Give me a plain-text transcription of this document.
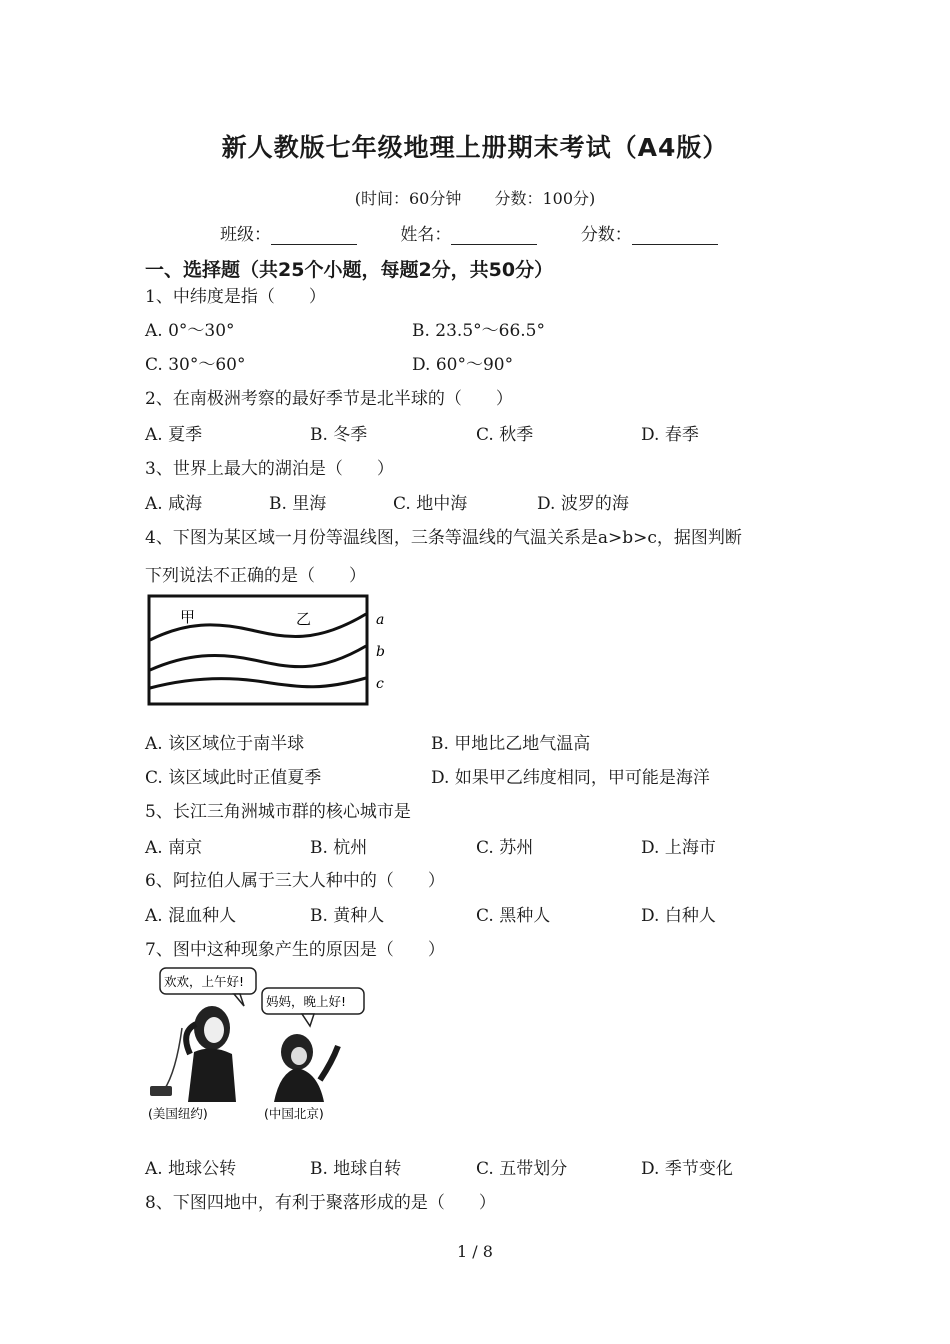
新人教版七年级地理上册期末考试（A4版）
(时间：60分钟 分数：100分)
班级：	姓名：	分数：
一、选择题（共25个小题，每题2分，共50分）
1、中纬度是指（　　）
A. 0°～30°	B. 23.5°～66.5°
C. 30°～60°	D. 60°～90°
2、在南极洲考察的最好季节是北半球的（　　）
A. 夏季	B. 冬季	C. 秋季	D. 春季
3、世界上最大的湖泊是（　　）
A. 咸海	B. 里海	C. 地中海	D. 波罗的海
4、下图为某区域一月份等温线图，三条等温线的气温关系是a>b>c，据图判断
下列说法不正确的是（　　）
甲	乙	a
b
c
A. 该区域位于南半球	B. 甲地比乙地气温高
C. 该区域此时正值夏季	D. 如果甲乙纬度相同，甲可能是海洋
5、长江三角洲城市群的核心城市是
A. 南京	B. 杭州	C. 苏州	D. 上海市
6、阿拉伯人属于三大人种中的（　　）
A. 混血种人	B. 黄种人	C. 黑种人	D. 白种人
7、图中这种现象产生的原因是（　　）
欢欢，上午好!
妈妈，晚上好!
(美国纽约)	(中国北京)
A. 地球公转	B. 地球自转	C. 五带划分	D. 季节变化
8、下图四地中，有利于聚落形成的是（　　）
1 / 8
